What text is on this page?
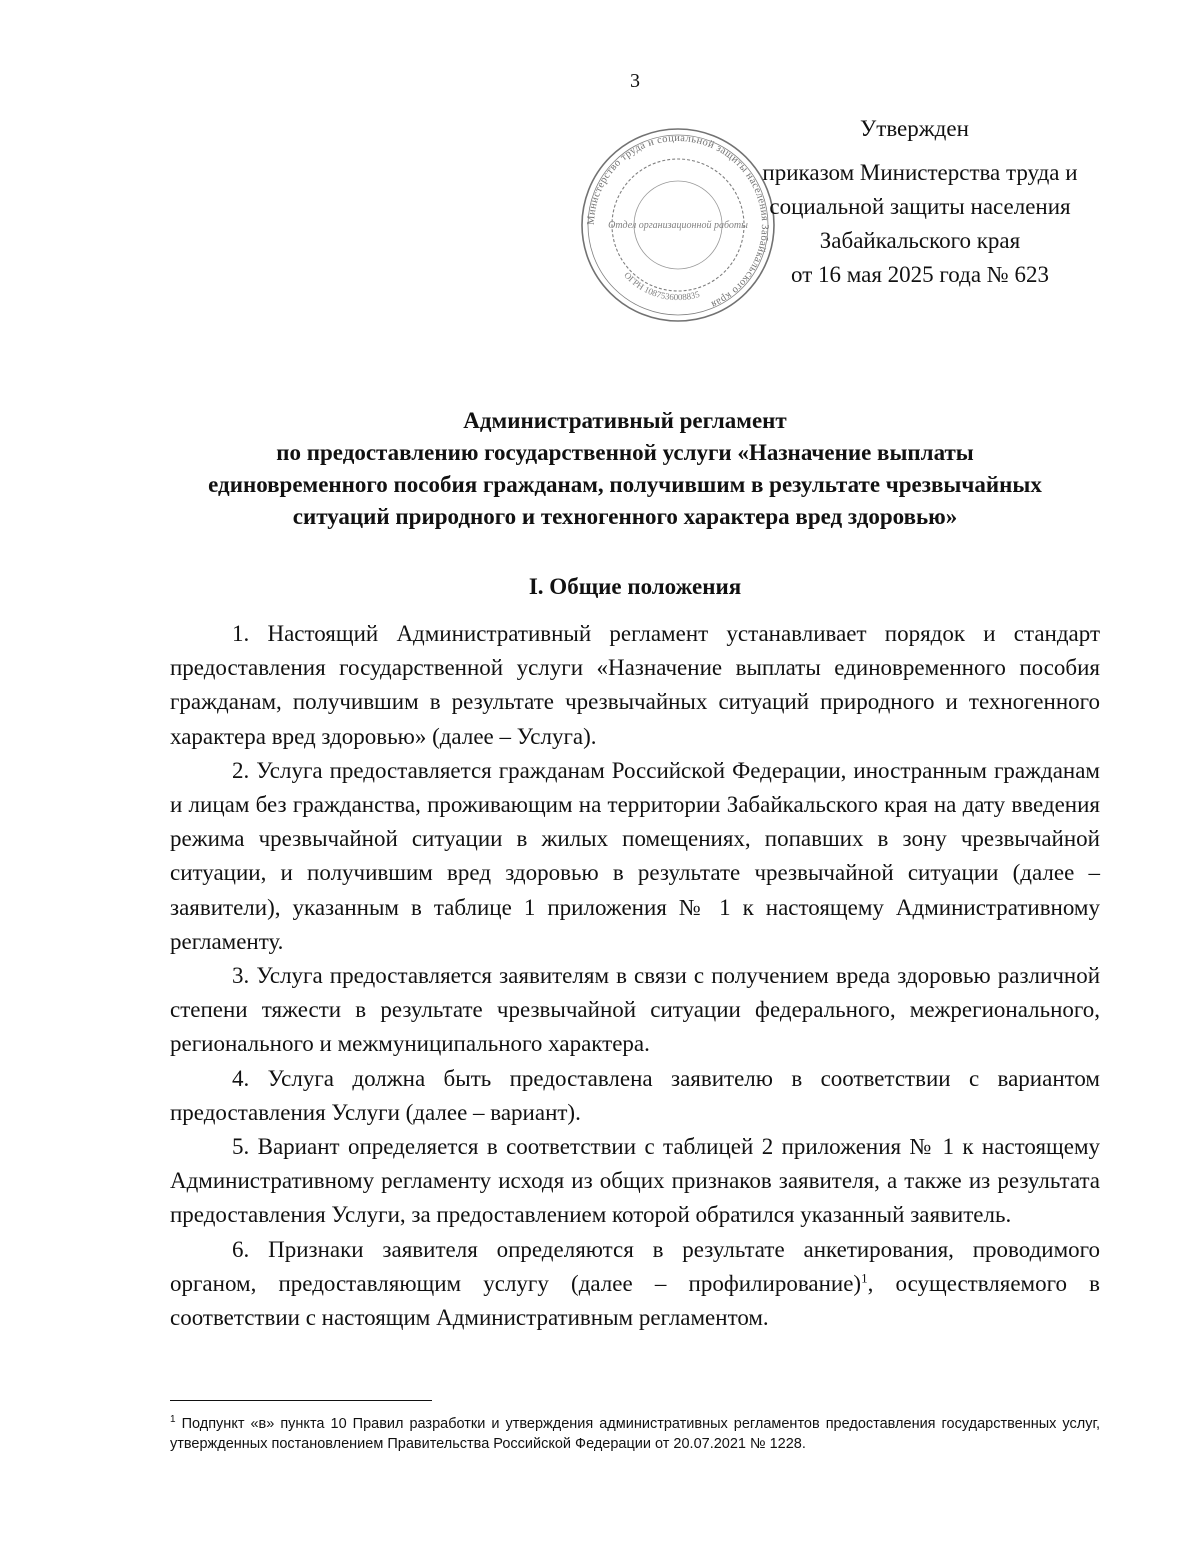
3
Министерство труда и социальной защиты населения Забайкальского края
ОГРН 1087536008835
Отдел организационной работы
Утвержден
приказом Министерства труда и
социальной защиты населения
Забайкальского края
от 16 мая 2025 года № 623
Административный регламент
по предоставлению государственной услуги «Назначение выплаты
единовременного пособия гражданам, получившим в результате чрезвычайных
ситуаций природного и техногенного характера вред здоровью»
I. Общие положения

1. Настоящий Административный регламент устанавливает порядок и стандарт предоставления государственной услуги «Назначение выплаты единовременного пособия гражданам, получившим в результате чрезвычайных ситуаций природного и техногенного характера вред здоровью» (далее – Услуга).

2. Услуга предоставляется гражданам Российской Федерации, иностранным гражданам и лицам без гражданства, проживающим на территории Забайкальского края на дату введения режима чрезвычайной ситуации в жилых помещениях, попавших в зону чрезвычайной ситуации, и получившим вред здоровью в результате чрезвычайной ситуации (далее – заявители), указанным в таблице 1 приложения № 1 к настоящему Административному регламенту.

3. Услуга предоставляется заявителям в связи с получением вреда здоровью различной степени тяжести в результате чрезвычайной ситуации федерального, межрегионального, регионального и межмуниципального характера.

4. Услуга должна быть предоставлена заявителю в соответствии с вариантом предоставления Услуги (далее – вариант).

5. Вариант определяется в соответствии с таблицей 2 приложения № 1 к настоящему Административному регламенту исходя из общих признаков заявителя, а также из результата предоставления Услуги, за предоставлением которой обратился указанный заявитель.

6. Признаки заявителя определяются в результате анкетирования, проводимого органом, предоставляющим услугу (далее – профилирование)$^1$, осуществляемого в соответствии с настоящим Административным регламентом.

$^1$ Подпункт «в» пункта 10 Правил разработки и утверждения административных регламентов предоставления государственных услуг, утвержденных постановлением Правительства Российской Федерации от 20.07.2021 № 1228.
